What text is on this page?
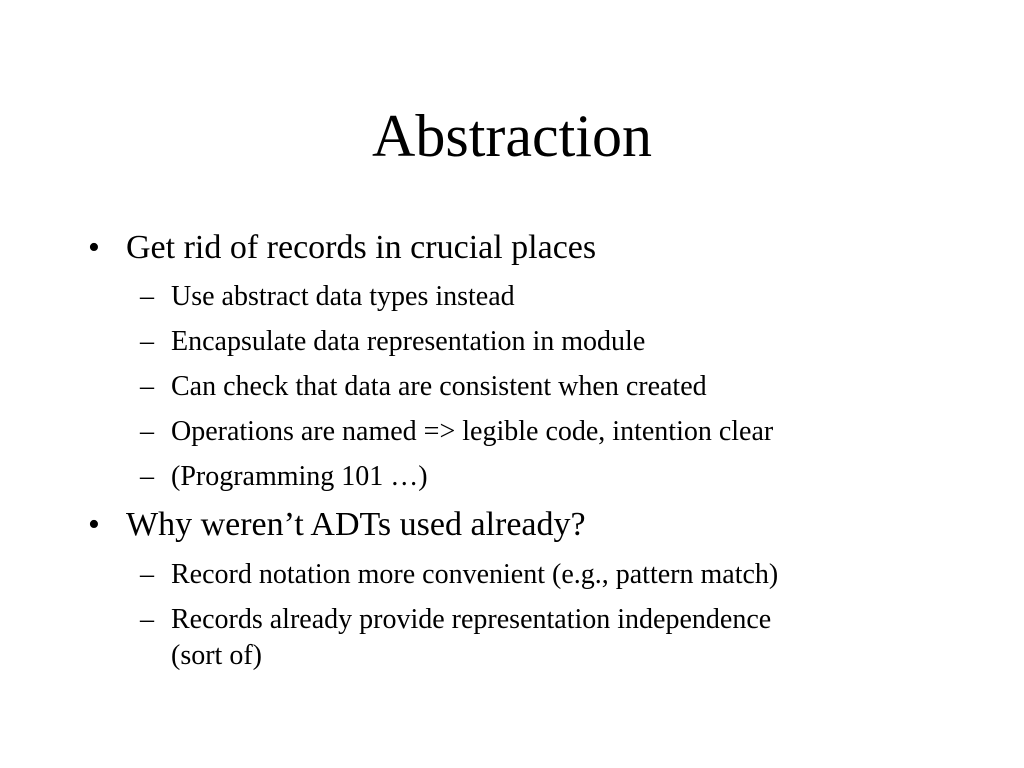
Abstraction
• Get rid of records in crucial places
– Use abstract data types instead
– Encapsulate data representation in module
– Can check that data are consistent when created
– Operations are named => legible code, intention clear
– (Programming 101 …)
• Why weren’t ADTs used already?
– Record notation more convenient (e.g., pattern match)
– Records already provide representation independence
(sort of)
